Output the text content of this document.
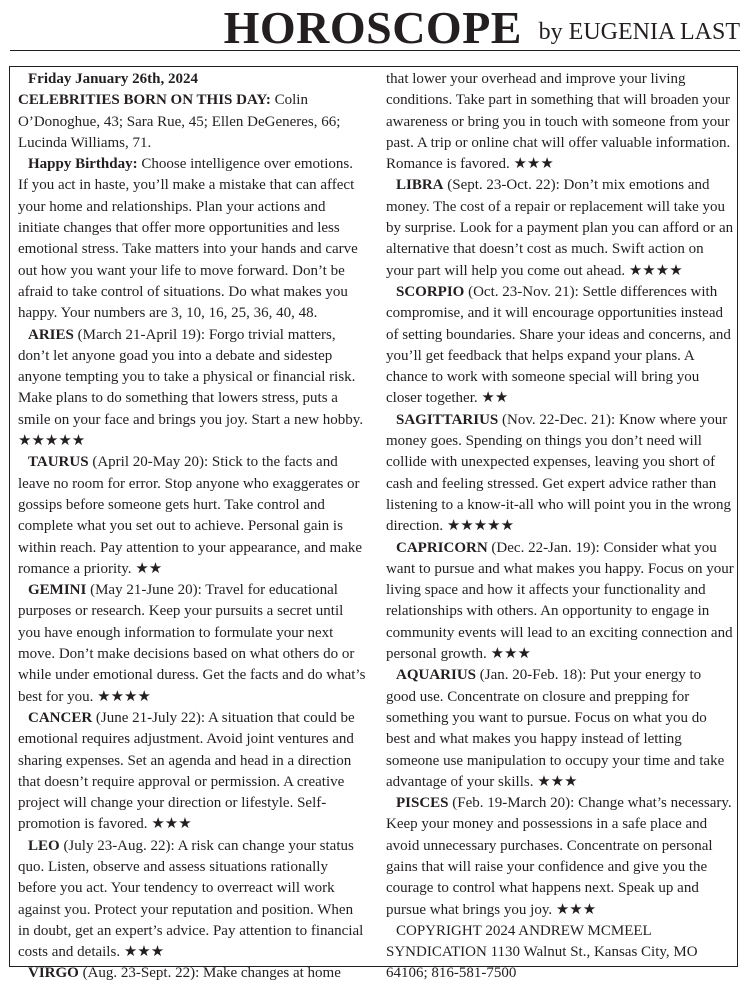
HOROSCOPE by EUGENIA LAST

Friday January 26th, 2024

CELEBRITIES BORN ON THIS DAY: Colin O’Donoghue, 43; Sara Rue, 45; Ellen DeGeneres, 66; Lucinda Williams, 71.

Happy Birthday: Choose intelligence over emotions. If you act in haste, you’ll make a mistake that can affect your home and relationships. Plan your actions and initiate changes that offer more opportunities and less emotional stress. Take matters into your hands and carve out how you want your life to move forward. Don’t be afraid to take control of situations. Do what makes you happy. Your numbers are 3, 10, 16, 25, 36, 40, 48.

ARIES (March 21-April 19): Forgo trivial matters, don’t let anyone goad you into a debate and sidestep anyone tempting you to take a physical or financial risk. Make plans to do something that lowers stress, puts a smile on your face and brings you joy. Start a new hobby. ★★★★★

TAURUS (April 20-May 20): Stick to the facts and leave no room for error. Stop anyone who exaggerates or gossips before someone gets hurt. Take control and complete what you set out to achieve. Personal gain is within reach. Pay attention to your appearance, and make romance a priority. ★★

GEMINI (May 21-June 20): Travel for educational purposes or research. Keep your pursuits a secret until you have enough information to formulate your next move. Don’t make decisions based on what others do or while under emotional duress. Get the facts and do what’s best for you. ★★★★

CANCER (June 21-July 22): A situation that could be emotional requires adjustment. Avoid joint ventures and sharing expenses. Set an agenda and head in a direction that doesn’t require approval or permission. A creative project will change your direction or lifestyle. Self-promotion is favored. ★★★

LEO (July 23-Aug. 22): A risk can change your status quo. Listen, observe and assess situations rationally before you act. Your tendency to overreact will work against you. Protect your reputation and position. When in doubt, get an expert’s advice. Pay attention to financial costs and details. ★★★

VIRGO (Aug. 23-Sept. 22): Make changes at home

that lower your overhead and improve your living conditions. Take part in something that will broaden your awareness or bring you in touch with someone from your past. A trip or online chat will offer valuable information. Romance is favored. ★★★

LIBRA (Sept. 23-Oct. 22): Don’t mix emotions and money. The cost of a repair or replacement will take you by surprise. Look for a payment plan you can afford or an alternative that doesn’t cost as much. Swift action on your part will help you come out ahead. ★★★★

SCORPIO (Oct. 23-Nov. 21): Settle differences with compromise, and it will encourage opportunities instead of setting boundaries. Share your ideas and concerns, and you’ll get feedback that helps expand your plans. A chance to work with someone special will bring you closer together. ★★

SAGITTARIUS (Nov. 22-Dec. 21): Know where your money goes. Spending on things you don’t need will collide with unexpected expenses, leaving you short of cash and feeling stressed. Get expert advice rather than listening to a know-it-all who will point you in the wrong direction. ★★★★★

CAPRICORN (Dec. 22-Jan. 19): Consider what you want to pursue and what makes you happy. Focus on your living space and how it affects your functionality and relationships with others. An opportunity to engage in community events will lead to an exciting connection and personal growth. ★★★

AQUARIUS (Jan. 20-Feb. 18): Put your energy to good use. Concentrate on closure and prepping for something you want to pursue. Focus on what you do best and what makes you happy instead of letting someone use manipulation to occupy your time and take advantage of your skills. ★★★

PISCES (Feb. 19-March 20): Change what’s necessary. Keep your money and possessions in a safe place and avoid unnecessary purchases. Concentrate on personal gains that will raise your confidence and give you the courage to control what happens next. Speak up and pursue what brings you joy. ★★★

COPYRIGHT 2024 ANDREW MCMEEL SYNDICATION 1130 Walnut St., Kansas City, MO 64106; 816-581-7500
